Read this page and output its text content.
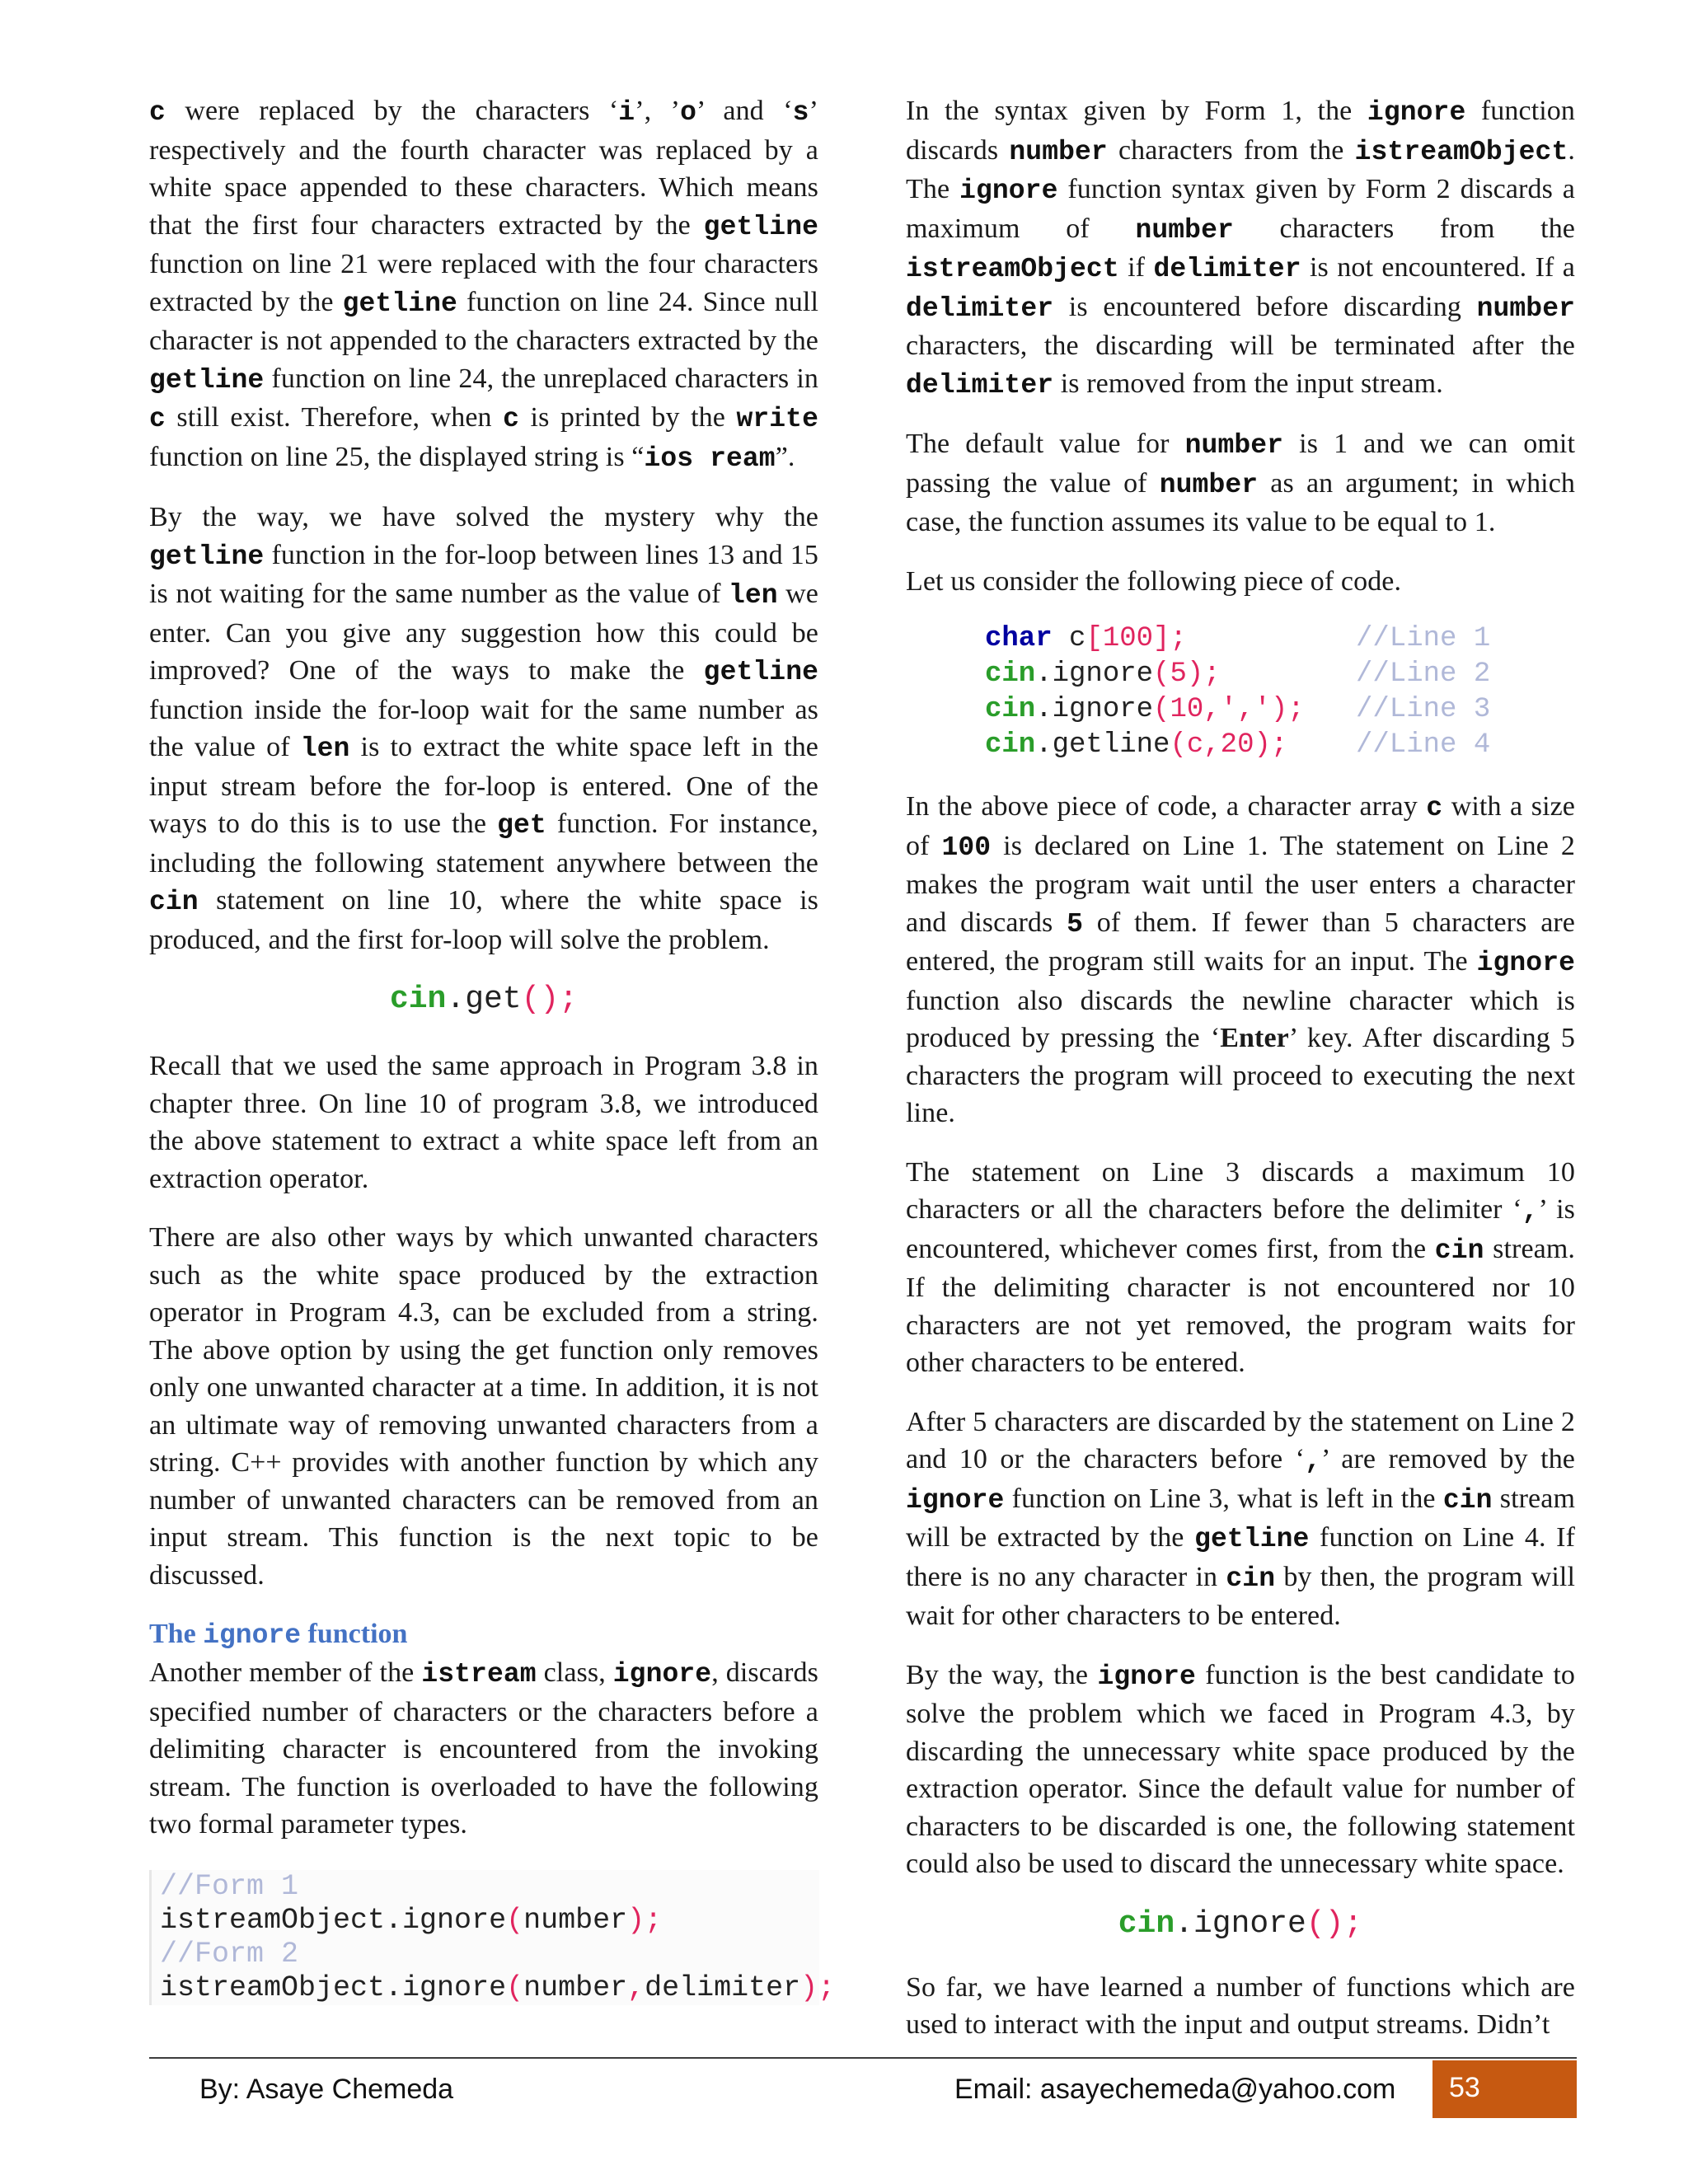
c were replaced by the characters ‘i’, ’o’ and ‘s’ respectively and the fourth character was replaced by a white space appended to these characters. Which means that the first four characters extracted by the getline function on line 21 were replaced with the four characters extracted by the getline function on line 24. Since null character is not appended to the characters extracted by the getline function on line 24, the unreplaced characters in c still exist. Therefore, when c is printed by the write function on line 25, the displayed string is “ios ream”.
By the way, we have solved the mystery why the getline function in the for-loop between lines 13 and 15 is not waiting for the same number as the value of len we enter. Can you give any suggestion how this could be improved? One of the ways to make the getline function inside the for-loop wait for the same number as the value of len is to extract the white space left in the input stream before the for-loop is entered. One of the ways to do this is to use the get function. For instance, including the following statement anywhere between the cin statement on line 10, where the white space is produced, and the first for-loop will solve the problem.
cin.get();
Recall that we used the same approach in Program 3.8 in chapter three. On line 10 of program 3.8, we introduced the above statement to extract a white space left from an extraction operator.
There are also other ways by which unwanted characters such as the white space produced by the extraction operator in Program 4.3, can be excluded from a string. The above option by using the get function only removes only one unwanted character at a time. In addition, it is not an ultimate way of removing unwanted characters from a string. C++ provides with another function by which any number of unwanted characters can be removed from an input stream. This function is the next topic to be discussed.
The ignore function
Another member of the istream class, ignore, discards specified number of characters or the characters before a delimiting character is encountered from the invoking stream. The function is overloaded to have the following two formal parameter types.
//Form 1
istreamObject.ignore(number);
//Form 2
istreamObject.ignore(number,delimiter);
In the syntax given by Form 1, the ignore function discards number characters from the istreamObject. The ignore function syntax given by Form 2 discards a maximum of number characters from the istreamObject if delimiter is not encountered. If a delimiter is encountered before discarding number characters, the discarding will be terminated after the delimiter is removed from the input stream.
The default value for number is 1 and we can omit passing the value of number as an argument; in which case, the function assumes its value to be equal to 1.
Let us consider the following piece of code.
char c[100];	//Line 1
cin.ignore(5);	//Line 2
cin.ignore(10,','); //Line 3
cin.getline(c,20); //Line 4
In the above piece of code, a character array c with a size of 100 is declared on Line 1. The statement on Line 2 makes the program wait until the user enters a character and discards 5 of them. If fewer than 5 characters are entered, the program still waits for an input. The ignore function also discards the newline character which is produced by pressing the ‘Enter’ key. After discarding 5 characters the program will proceed to executing the next line.
The statement on Line 3 discards a maximum 10 characters or all the characters before the delimiter ‘,’ is encountered, whichever comes first, from the cin stream. If the delimiting character is not encountered nor 10 characters are not yet removed, the program waits for other characters to be entered.
After 5 characters are discarded by the statement on Line 2 and 10 or the characters before ‘,’ are removed by the ignore function on Line 3, what is left in the cin stream will be extracted by the getline function on Line 4. If there is no any character in cin by then, the program will wait for other characters to be entered.
By the way, the ignore function is the best candidate to solve the problem which we faced in Program 4.3, by discarding the unnecessary white space produced by the extraction operator. Since the default value for number of characters to be discarded is one, the following statement could also be used to discard the unnecessary white space.
cin.ignore();
So far, we have learned a number of functions which are used to interact with the input and output streams. Didn’t
By: Asaye Chemeda	Email: asayechemeda@yahoo.com 53
